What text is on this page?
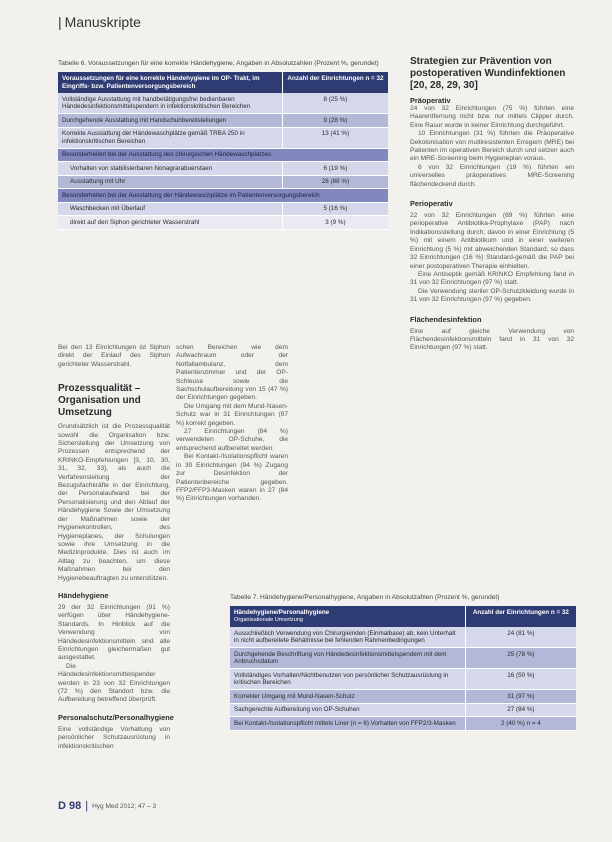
| Manuskripte
Tabelle 6. Voraussetzungen für eine korrekte Händehygiene, Angaben in Absolutzahlen (Prozent %, gerundet)
Voraussetzungen für eine korrekte Händehygiene im OP- Trakt, im Eingriffs- bzw. Patientenversorgungsbereich	Anzahl der Einrichtungen n = 32
Vollständige Ausstattung mit handbetätigungsfrei bedienbaren Händedesinfektionsmittelspendern in infektionskritischen Bereichen	8 (25 %)
Durchgehende Ausstattung mit Handschuhbereitstellungen	9 (28 %)
Korrekte Ausstattung der Händewaschplätze gemäß TRBA 250 in infektionskritischen Bereichen	13 (41 %)
Besonderheiten bei der Ausstattung des chirurgischen Händewaschplatzes	
Vorhalten von stabilisierbaren Nonagrarabuerstaen	6 (19 %)
Ausstattung mit Uhr	28 (88 %)
Besonderheiten bei der Ausstattung der Händewaschplätze im Patientenversorgungsbereich	
Waschbecken mit Überlauf	5 (16 %)
direkt auf den Siphon gerichteter Wasserstrahl	3 (9 %)

Bei den 13 Einrichtungen ist Siphon direkt der Einlauf des Siphon gerichteter Wasserstrahl.

Prozessqualität – Organisation und Umsetzung

Grundsätzlich ist die Prozessqualität sowohl die Organisation bzw. Sicherstellung der Umsetzung von Prozessen entsprechend der KRINKO-Empfehlungen [3, 10, 30, 31, 32, 33], als auch die Verfahrensleitung der Bezugsfachkräfte in der Einrichtung, der Personalaufwand bei der Personalisierung und den Ablauf der Händehygiene Sowie der Umsetzung der Maßnahmen sowie der Hygienekontrollen, des Hygieneplanes, der Schulungen sowie ihre Umsetzung in die Medizinprodukte. Dies ist auch im Alltag zu beachten, um diese Maßnahmen bei den Hygienebeauftragten zu unterstützen.

Händehygiene

29 der 32 Einrichtungen (91 %) verfügen über Händehygiene-Standards. In Hinblick auf die Verwendung von Händedesinfektionsmitteln sind alle Einrichtungen gleichermaßen gut ausgestattet.

Die Händedesinfektionsmittelspender werden in 23 von 32 Einrichtungen (72 %) den Standort bzw. die Aufbereitung betreffend überprüft.

Personalschutz/Personalhygiene

Eine vollständige Vorhaltung von persönlicher Schutzausrüstung in infektionskritischen

schen Bereichen wie dem Aufwachraum oder der Notfallambulanz, dem Patientenzimmer und der OP-Schleuse sowie die Sachschulaufbereitung von 15 (47 %) der Einrichtungen gegeben.

Die Umgang mit dem Mund-Nasen-Schutz war in 31 Einrichtungen (97 %) korrekt gegeben.

27 Einrichtungen (84 %) verwendeten OP-Schuhe, die entsprechend aufbereitet werden.

Bei Kontakt-/Isolationspflicht waren in 30 Einrichtungen (94 %) Zugang zur Desinfektion der Patientenbereiche gegeben. FFP2/FFP3-Masken waren in 27 (84 %) Einrichtungen vorhanden.

Strategien zur Prävention von postoperativen Wundinfektionen
[20, 28, 29, 30]
Präoperativ

24 von 32 Einrichtungen (75 %) führten eine Haarentfernung nicht bzw. nur mittels Clipper durch. Eine Rasur wurde in keiner Einrichtung durchgeführt.

10 Einrichtungen (31 %) führten die Präoperative Dekolonisation von multiresistenten Erregern (MRE) bei Patienten im operativen Bereich durch und setzen auch ein MRE-Screening beim Hygieneplan voraus.

6 von 32 Einrichtungen (19 %) führten ein universelles präoperatives MRE-Screening flächendeckend durch.

Perioperativ

22 von 32 Einrichtungen (69 %) führten eine perioperative Antibiotika-Prophylaxe (PAP) nach Indikationsstellung durch; davon in einer Einrichtung (5 %) mit einem Antibiotikum und in einer weiteren Einrichtung (5 %) mit abweichenden Standard, so dass 32 Einrichtungen (16 %) Standard-gemäß die PAP bei einer postoperativen Therapie einhielten.

Eine Antiseptik gemäß KRINKO Empfehlung fand in 31 von 32 Einrichtungen (97 %) statt.

Die Verwendung steriler OP-Schutzkleidung wurde in 31 von 32 Einrichtungen (97 %) gegeben.

Flächendesinfektion

Eine auf gleiche Verwendung von Flächendesinfektionsmitteln fand in 31 von 32 Einrichtungen (97 %) statt.

Tabelle 7. Händehygiene/Personalhygiene, Angaben in Absolutzahlen (Prozent %, gerundet)
Händehygiene/Personalhygiene
Organisationale Umsetzung	Anzahl der Einrichtungen n = 32
Ausschließlich Verwendung von Chirurgieinden (Einmalbase) ab, kein Unterhalt in nicht aufbereitete Behältnisse bei fehlenden Rahmenbedingungen	24 (81 %)
Durchgehende Beschriftung von Händedesinfektionsmittelspendern mit dem Anbruchsdatum	25 (78 %)
Vollständiges Vorhalten/Nichtbenutzen von persönlicher Schutzausrüstung in kritischen Bereichen	16 (50 %)
Korrekter Umgang mit Mund-Nasen-Schutz	31 (97 %)
Sachgerechte Aufbereitung von OP-Schuhen	27 (84 %)
Bei Kontakt-/Isolationspflicht mittels Liner (n = 6) Vorhalten von FFP2/3-Masken	2 (40 %) n = 4
D 98 | Hyg Med 2012; 47 – 3
